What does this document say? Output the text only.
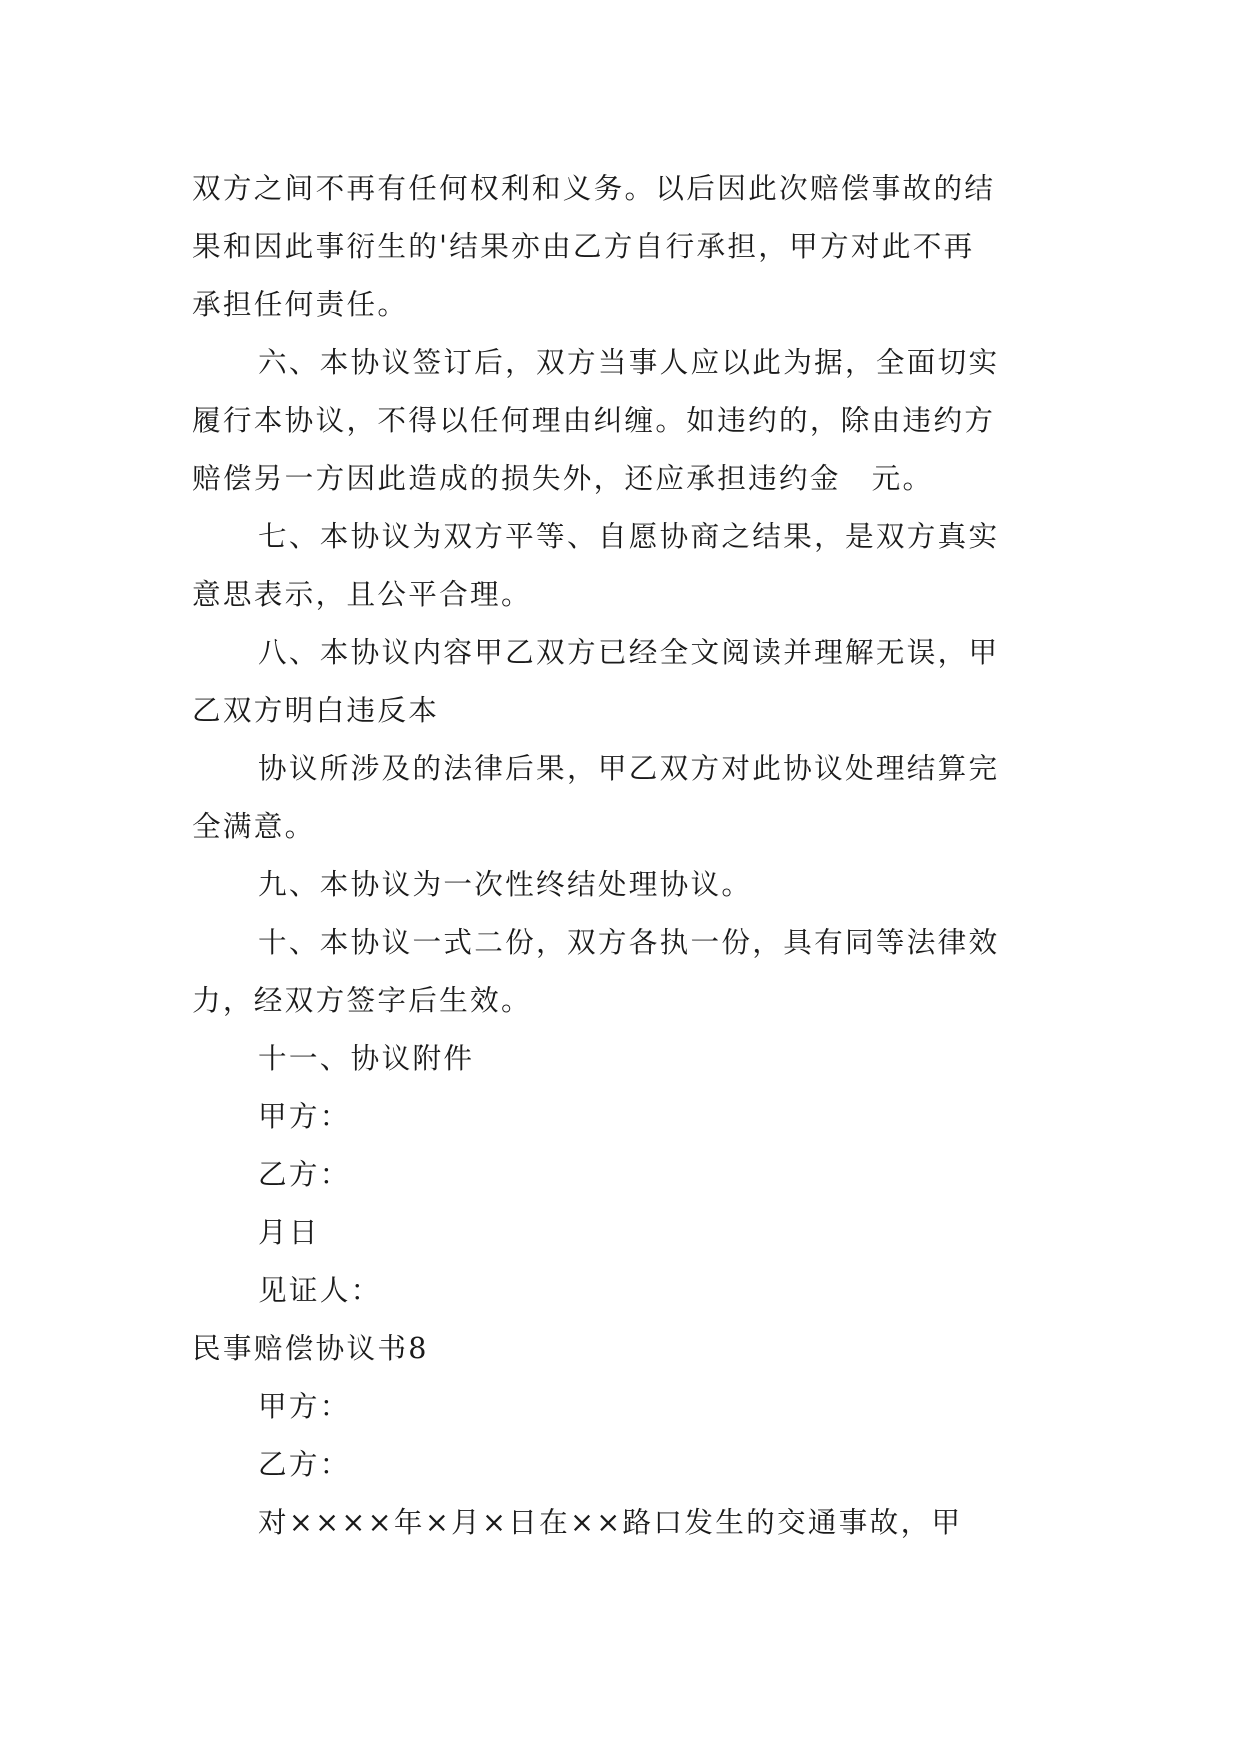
双方之间不再有任何权利和义务。以后因此次赔偿事故的结
果和因此事衍生的'结果亦由乙方自行承担，甲方对此不再
承担任何责任。
六、本协议签订后，双方当事人应以此为据，全面切实
履行本协议，不得以任何理由纠缠。如违约的，除由违约方
赔偿另一方因此造成的损失外，还应承担违约金　元。
七、本协议为双方平等、自愿协商之结果，是双方真实
意思表示，且公平合理。
八、本协议内容甲乙双方已经全文阅读并理解无误，甲
乙双方明白违反本
协议所涉及的法律后果，甲乙双方对此协议处理结算完
全满意。
九、本协议为一次性终结处理协议。
十、本协议一式二份，双方各执一份，具有同等法律效
力，经双方签字后生效。
十一、协议附件
甲方：
乙方：
月日
见证人：
民事赔偿协议书8
甲方：
乙方：
对××××年×月×日在××路口发生的交通事故，甲
